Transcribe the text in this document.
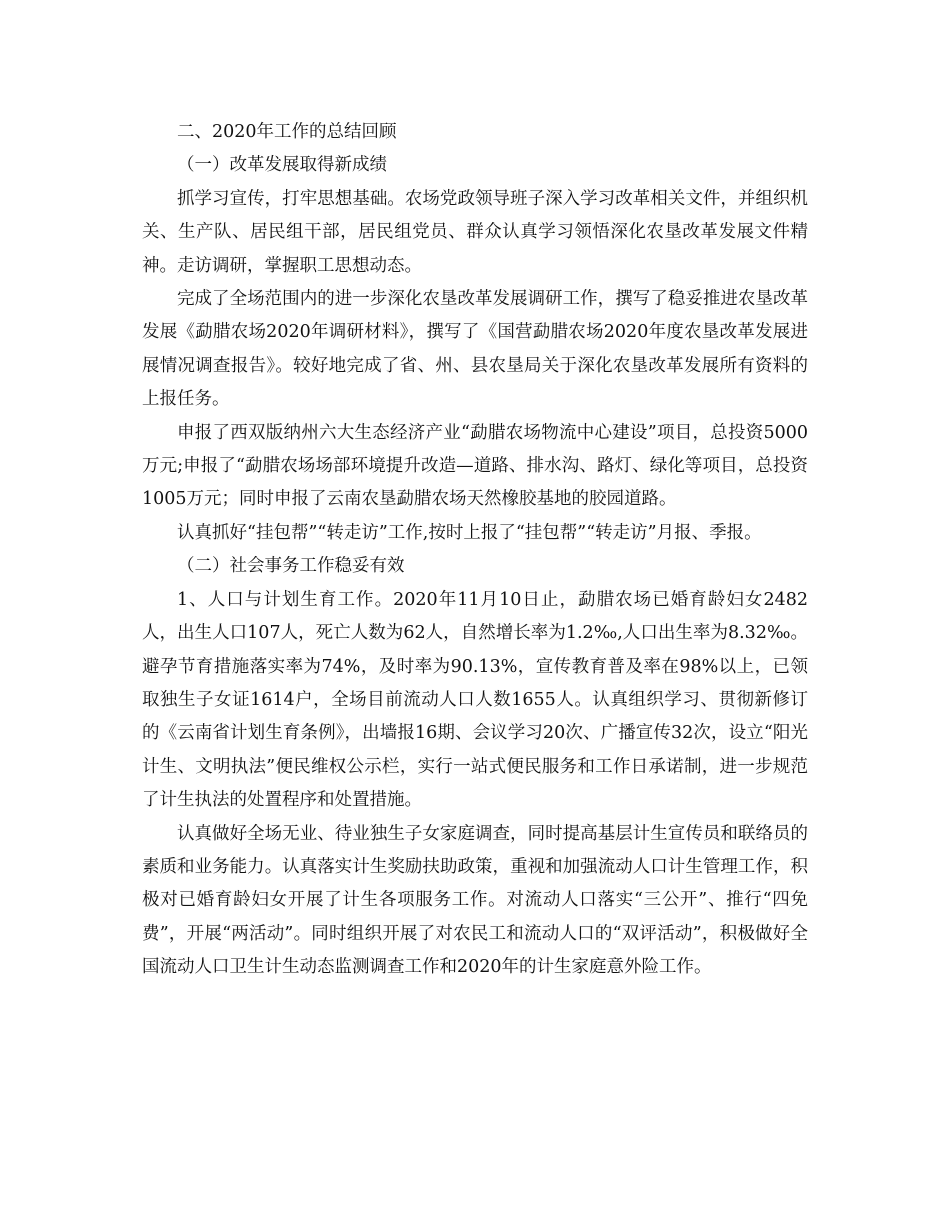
二、2020年工作的总结回顾

（一）改革发展取得新成绩

抓学习宣传，打牢思想基础。农场党政领导班子深入学习改革相关文件，并组织机关、生产队、居民组干部，居民组党员、群众认真学习领悟深化农垦改革发展文件精神。走访调研，掌握职工思想动态。

完成了全场范围内的进一步深化农垦改革发展调研工作，撰写了稳妥推进农垦改革发展《勐腊农场2020年调研材料》，撰写了《国营勐腊农场2020年度农垦改革发展进展情况调查报告》。较好地完成了省、州、县农垦局关于深化农垦改革发展所有资料的上报任务。

申报了西双版纳州六大生态经济产业“勐腊农场物流中心建设”项目，总投资5000万元;申报了“勐腊农场场部环境提升改造—道路、排水沟、路灯、绿化等项目，总投资1005万元；同时申报了云南农垦勐腊农场天然橡胶基地的胶园道路。

认真抓好“挂包帮”“转走访”工作,按时上报了“挂包帮”“转走访”月报、季报。

（二）社会事务工作稳妥有效

1、人口与计划生育工作。2020年11月10日止，勐腊农场已婚育龄妇女2482人，出生人口107人，死亡人数为62人，自然增长率为1.2‰,人口出生率为8.32‰。避孕节育措施落实率为74%，及时率为90.13%，宣传教育普及率在98%以上，已领取独生子女证1614户，全场目前流动人口人数1655人。认真组织学习、贯彻新修订的《云南省计划生育条例》，出墙报16期、会议学习20次、广播宣传32次，设立“阳光计生、文明执法”便民维权公示栏，实行一站式便民服务和工作日承诺制，进一步规范了计生执法的处置程序和处置措施。

认真做好全场无业、待业独生子女家庭调查，同时提高基层计生宣传员和联络员的素质和业务能力。认真落实计生奖励扶助政策，重视和加强流动人口计生管理工作，积极对已婚育龄妇女开展了计生各项服务工作。对流动人口落实“三公开”、推行“四免费”，开展“两活动”。同时组织开展了对农民工和流动人口的“双评活动”，积极做好全国流动人口卫生计生动态监测调查工作和2020年的计生家庭意外险工作。
